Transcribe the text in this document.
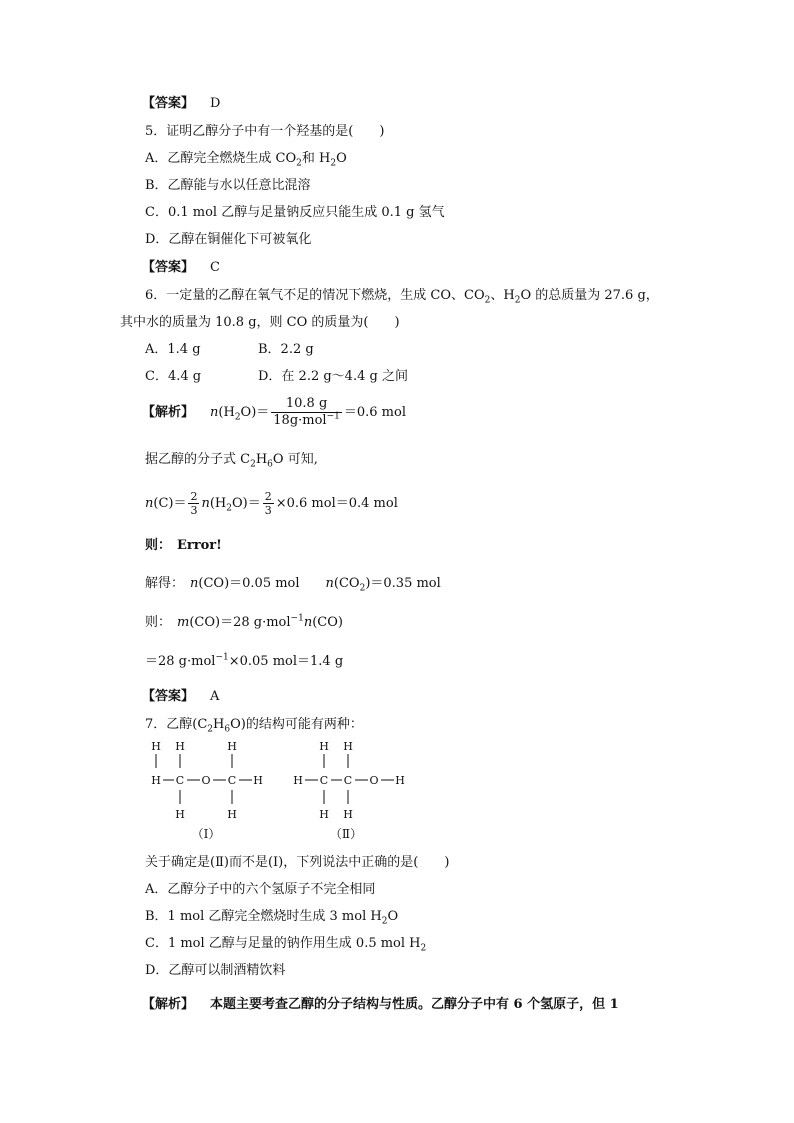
【答案】 D
5．证明乙醇分子中有一个羟基的是(　　)
A．乙醇完全燃烧生成 $CO_2$和 $H_2O$
B．乙醇能与水以任意比混溶
C．0.1 mol 乙醇与足量钠反应只能生成 0.1 g 氢气
D．乙醇在铜催化下可被氧化
【答案】 C
6．一定量的乙醇在氧气不足的情况下燃烧，生成 CO、$CO_2$、$H_2O$ 的总质量为 27.6 g，
其中水的质量为 10.8 g，则 CO 的质量为(　　)
A．1.4 g	B．2.2 g
C．4.4 g	D．在 2.2 g～4.4 g 之间
【解析】 $n(H_2O)= \frac{10.8 g}{18g\cdot mol^{-1}} =0.6$ mol
据乙醇的分子式 $C_2H_6O$ 可知,
$n(C)= \frac{2}{3} n(H_2O)= \frac{2}{3} \times 0.6$ mol＝0.4 mol
则： Error!
解得： n(CO)＝0.05 mol $n(CO_2)=0.35$ mol
则： m(CO)＝28 g·mol$^{-1}$n(CO)
＝28 g·mol$^{-1}$×0.05 mol＝1.4 g
【答案】 A
7．乙醇$(C_2H_6O)$的结构可能有两种：
H	H
H C O C H
H	H
（Ⅰ）
H	H H
H C C O H
H H
（Ⅱ）
关于确定是(Ⅱ)而不是(Ⅰ)，下列说法中正确的是(　　)
A．乙醇分子中的六个氢原子不完全相同
B．1 mol 乙醇完全燃烧时生成 3 mol $H_2O$
C．1 mol 乙醇与足量的钠作用生成 0.5 mol $H_2$
D．乙醇可以制酒精饮料
【解析】 本题主要考查乙醇的分子结构与性质。乙醇分子中有 6 个氢原子，但 1
